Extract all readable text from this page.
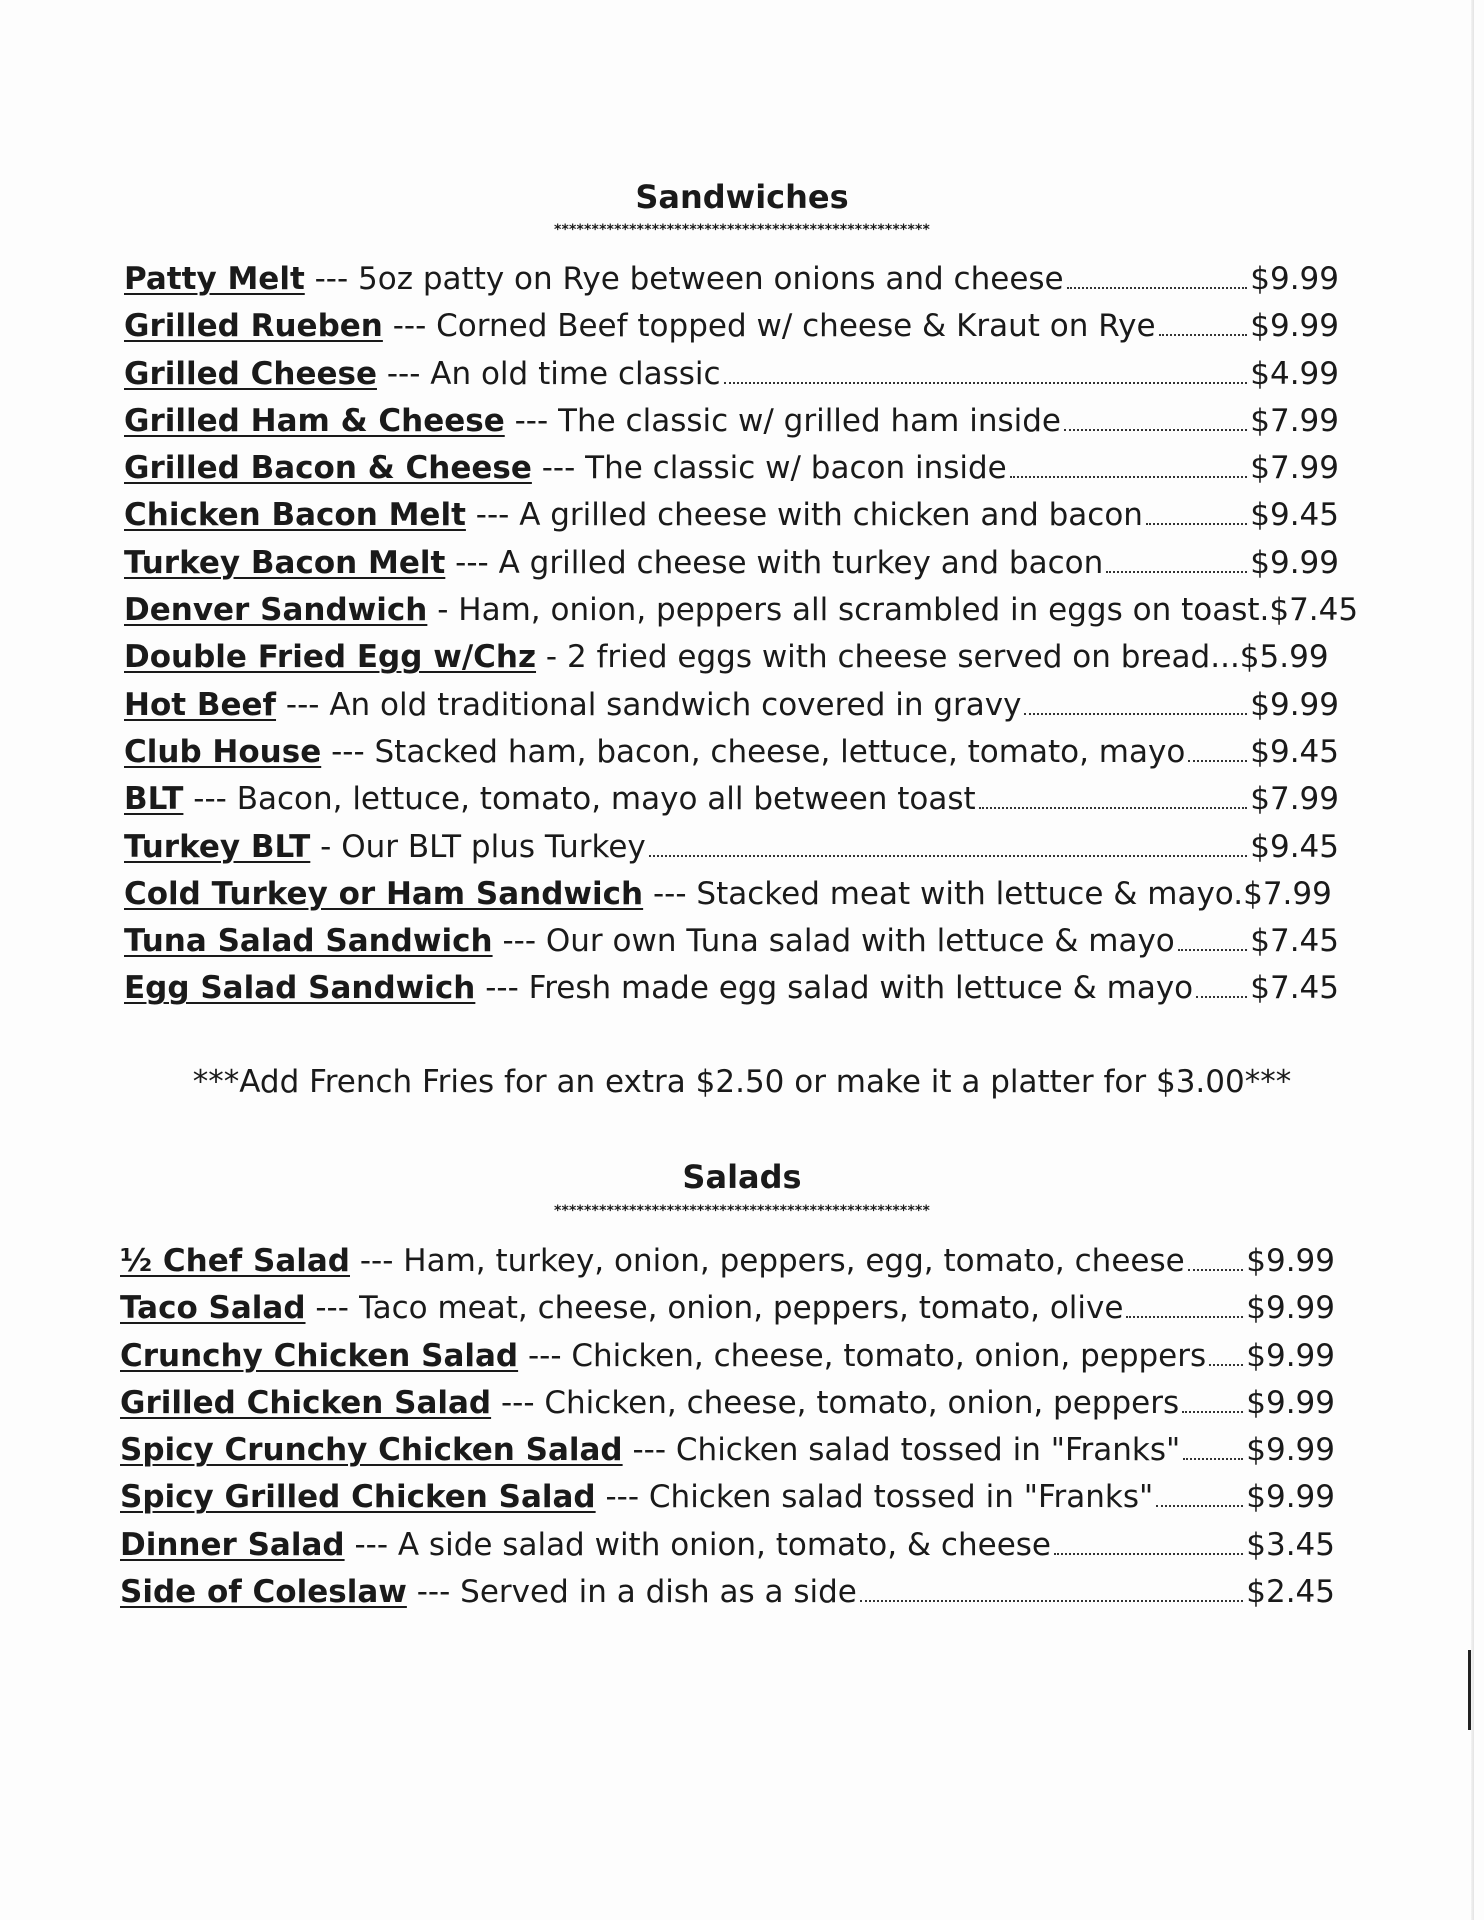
Sandwiches
**************************************************
Patty Melt --- 5oz patty on Rye between onions and cheese	$9.99
Grilled Rueben --- Corned Beef topped w/ cheese & Kraut on Rye	$9.99
Grilled Cheese --- An old time classic	$4.99
Grilled Ham & Cheese --- The classic w/ grilled ham inside	$7.99
Grilled Bacon & Cheese --- The classic w/ bacon inside	$7.99
Chicken Bacon Melt --- A grilled cheese with chicken and bacon	$9.45
Turkey Bacon Melt --- A grilled cheese with turkey and bacon	$9.99
Denver Sandwich - Ham, onion, peppers all scrambled in eggs on toast. $7.45
Double Fried Egg w/Chz - 2 fried eggs with cheese served on bread... $5.99
Hot Beef --- An old traditional sandwich covered in gravy	$9.99
Club House --- Stacked ham, bacon, cheese, lettuce, tomato, mayo $9.45
BLT --- Bacon, lettuce, tomato, mayo all between toast	$7.99
Turkey BLT - Our BLT plus Turkey	$9.45
Cold Turkey or Ham Sandwich --- Stacked meat with lettuce & mayo. $7.99
Tuna Salad Sandwich --- Our own Tuna salad with lettuce & mayo $7.45
Egg Salad Sandwich --- Fresh made egg salad with lettuce & mayo $7.45
***Add French Fries for an extra $2.50 or make it a platter for $3.00***
Salads
**************************************************
½ Chef Salad --- Ham, turkey, onion, peppers, egg, tomato, cheese $9.99
Taco Salad --- Taco meat, cheese, onion, peppers, tomato, olive	$9.99
Crunchy Chicken Salad --- Chicken, cheese, tomato, onion, peppers $9.99
Grilled Chicken Salad --- Chicken, cheese, tomato, onion, peppers $9.99
Spicy Crunchy Chicken Salad --- Chicken salad tossed in "Franks" $9.99
Spicy Grilled Chicken Salad --- Chicken salad tossed in "Franks"	$9.99
Dinner Salad --- A side salad with onion, tomato, & cheese	$3.45
Side of Coleslaw --- Served in a dish as a side	$2.45
